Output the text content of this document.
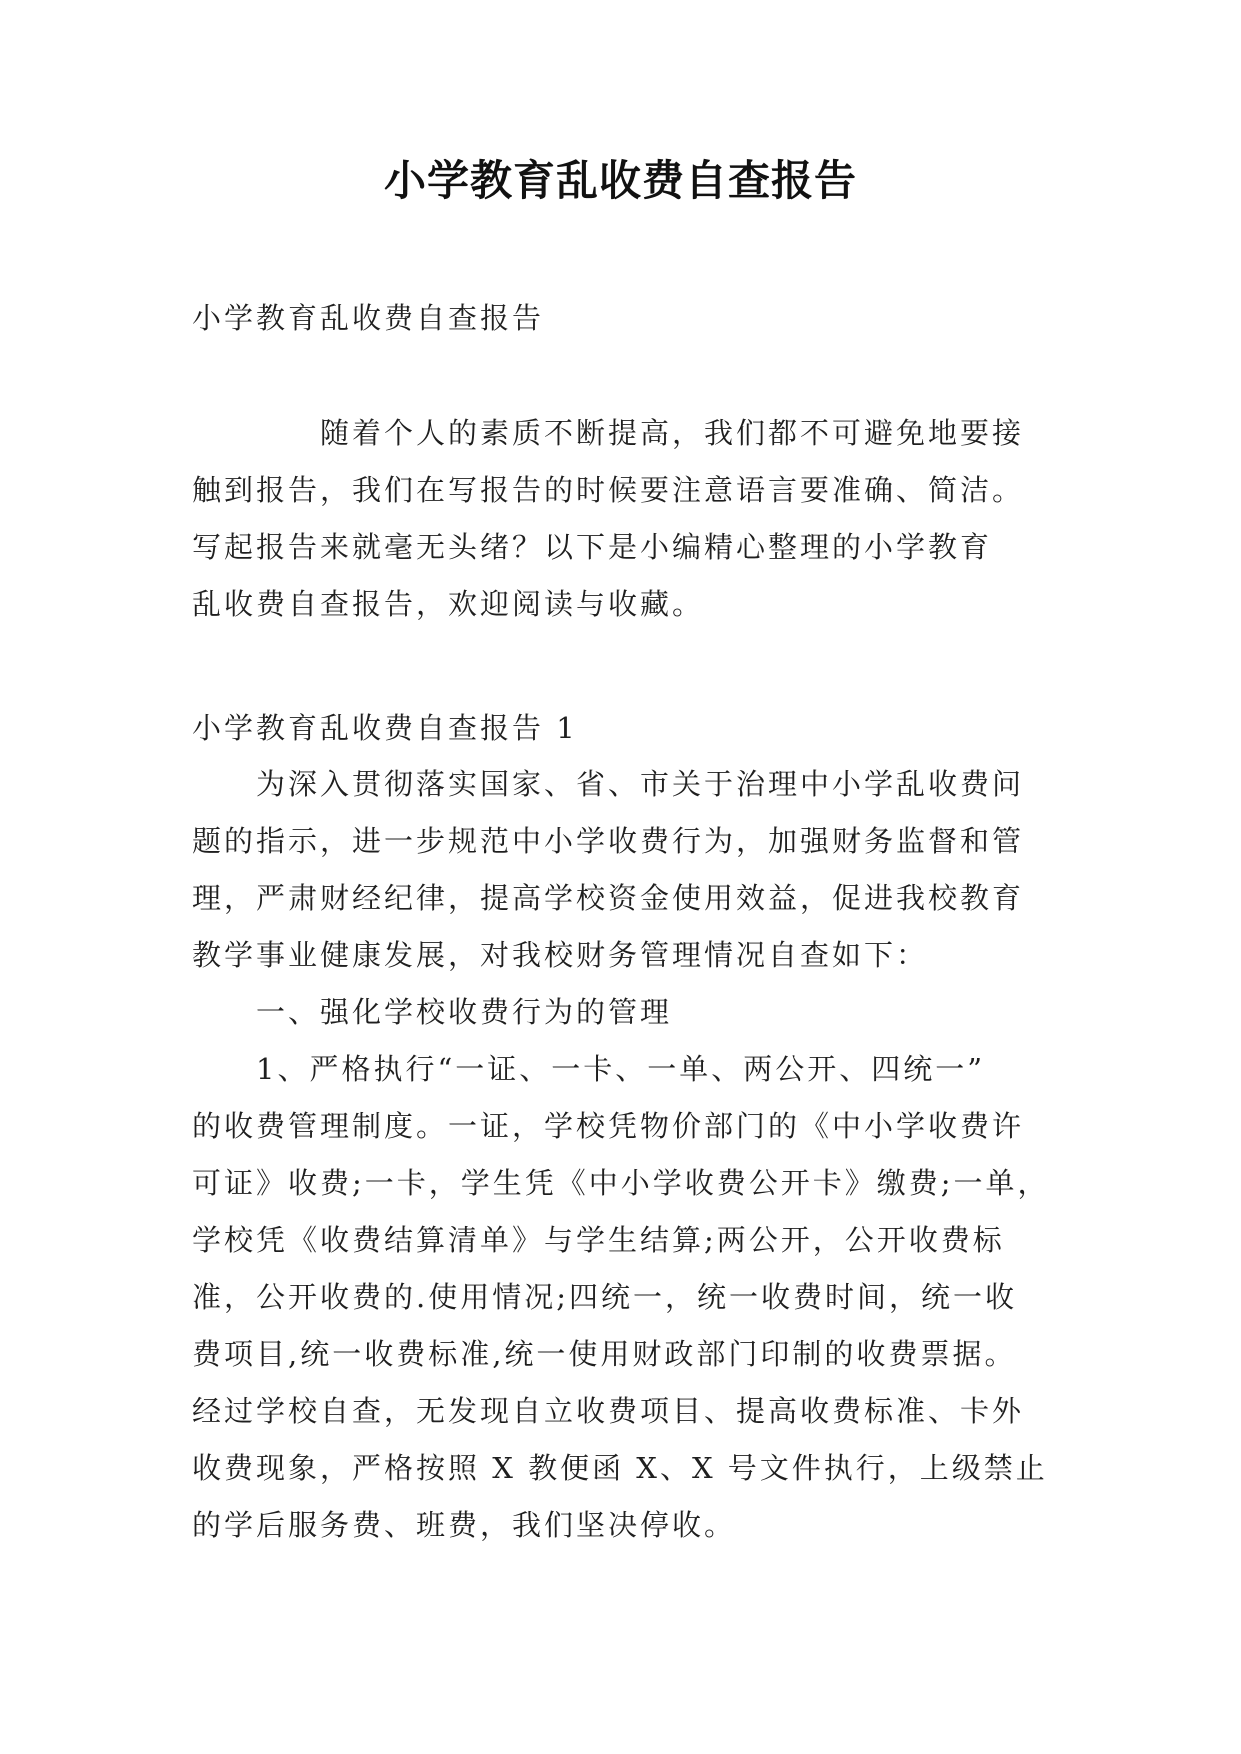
小学教育乱收费自查报告

小学教育乱收费自查报告

　　　　随着个人的素质不断提高，我们都不可避免地要接

触到报告，我们在写报告的时候要注意语言要准确、简洁。

写起报告来就毫无头绪？以下是小编精心整理的小学教育

乱收费自查报告，欢迎阅读与收藏。

小学教育乱收费自查报告 1

　　为深入贯彻落实国家、省、市关于治理中小学乱收费问

题的指示，进一步规范中小学收费行为，加强财务监督和管

理，严肃财经纪律，提高学校资金使用效益，促进我校教育

教学事业健康发展，对我校财务管理情况自查如下：

　　一、强化学校收费行为的管理

　　1、严格执行“一证、一卡、一单、两公开、四统一”

的收费管理制度。一证，学校凭物价部门的《中小学收费许

可证》收费;一卡，学生凭《中小学收费公开卡》缴费;一单，

学校凭《收费结算清单》与学生结算;两公开，公开收费标

准，公开收费的.使用情况;四统一，统一收费时间，统一收

费项目,统一收费标准,统一使用财政部门印制的收费票据。

经过学校自查，无发现自立收费项目、提高收费标准、卡外

收费现象，严格按照 X 教便函 X、X 号文件执行，上级禁止

的学后服务费、班费，我们坚决停收。
